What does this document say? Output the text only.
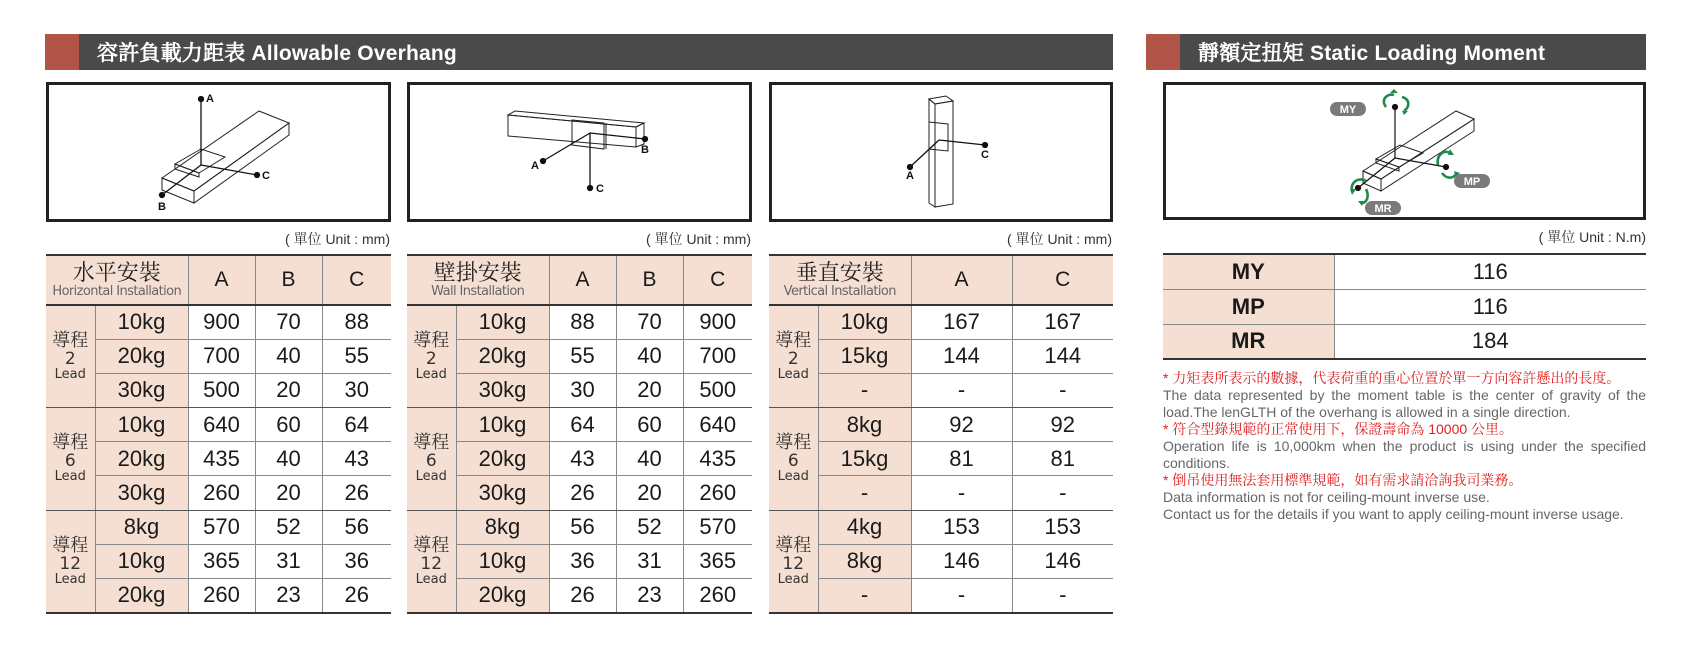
容許負載力距表 Allowable Overhang
A
B
C
A
B
C
A
C
( 單位 Unit : mm)	( 單位 Unit : mm)	( 單位 Unit : mm)
水平安裝
Horizontal Installation		A	B	C

導程
2
Lead	10kg	900	70	88
	20kg	700	40	55
	30kg	500	20	30

導程
6
Lead	10kg	640	60	64
	20kg	435	40	43
	30kg	260	20	26

導程
12
Lead	8kg	570	52	56
	10kg	365	31	36
	20kg	260	23	26
壁掛安裝
Wall Installation		A	B	C

導程
2
Lead	10kg	88	70	900
	20kg	55	40	700
	30kg	30	20	500

導程
6
Lead	10kg	64	60	640
	20kg	43	40	435
	30kg	26	20	260

導程
12
Lead	8kg	56	52	570
	10kg	36	31	365
	20kg	26	23	260
垂直安裝
Vertical Installation		A	C

導程
2
Lead	10kg	167	167
	15kg	144	144
	-	-	-

導程
6
Lead	8kg	92	92
	15kg	81	81
	-	-	-

導程
12
Lead	4kg	153	153
	8kg	146	146
	-	-	-
靜額定扭矩 Static Loading Moment
MY
MP
MR
( 單位 Unit : N.m)
MY	116
MP	116
MR	184
* 力矩表所表示的數據，代表荷重的重心位置於單一方向容許懸出的長度。
The data represented by the moment table is the center of gravity of the load.The lenGLTH of the overhang is allowed in a single direction.
* 符合型錄規範的正常使用下，保證壽命為 10000 公里。
Operation life is 10,000km when the product is using under the specified conditions.
* 倒吊使用無法套用標準規範，如有需求請洽詢我司業務。
Data information is not for ceiling-mount inverse use.
Contact us for the details if you want to apply ceiling-mount inverse usage.
